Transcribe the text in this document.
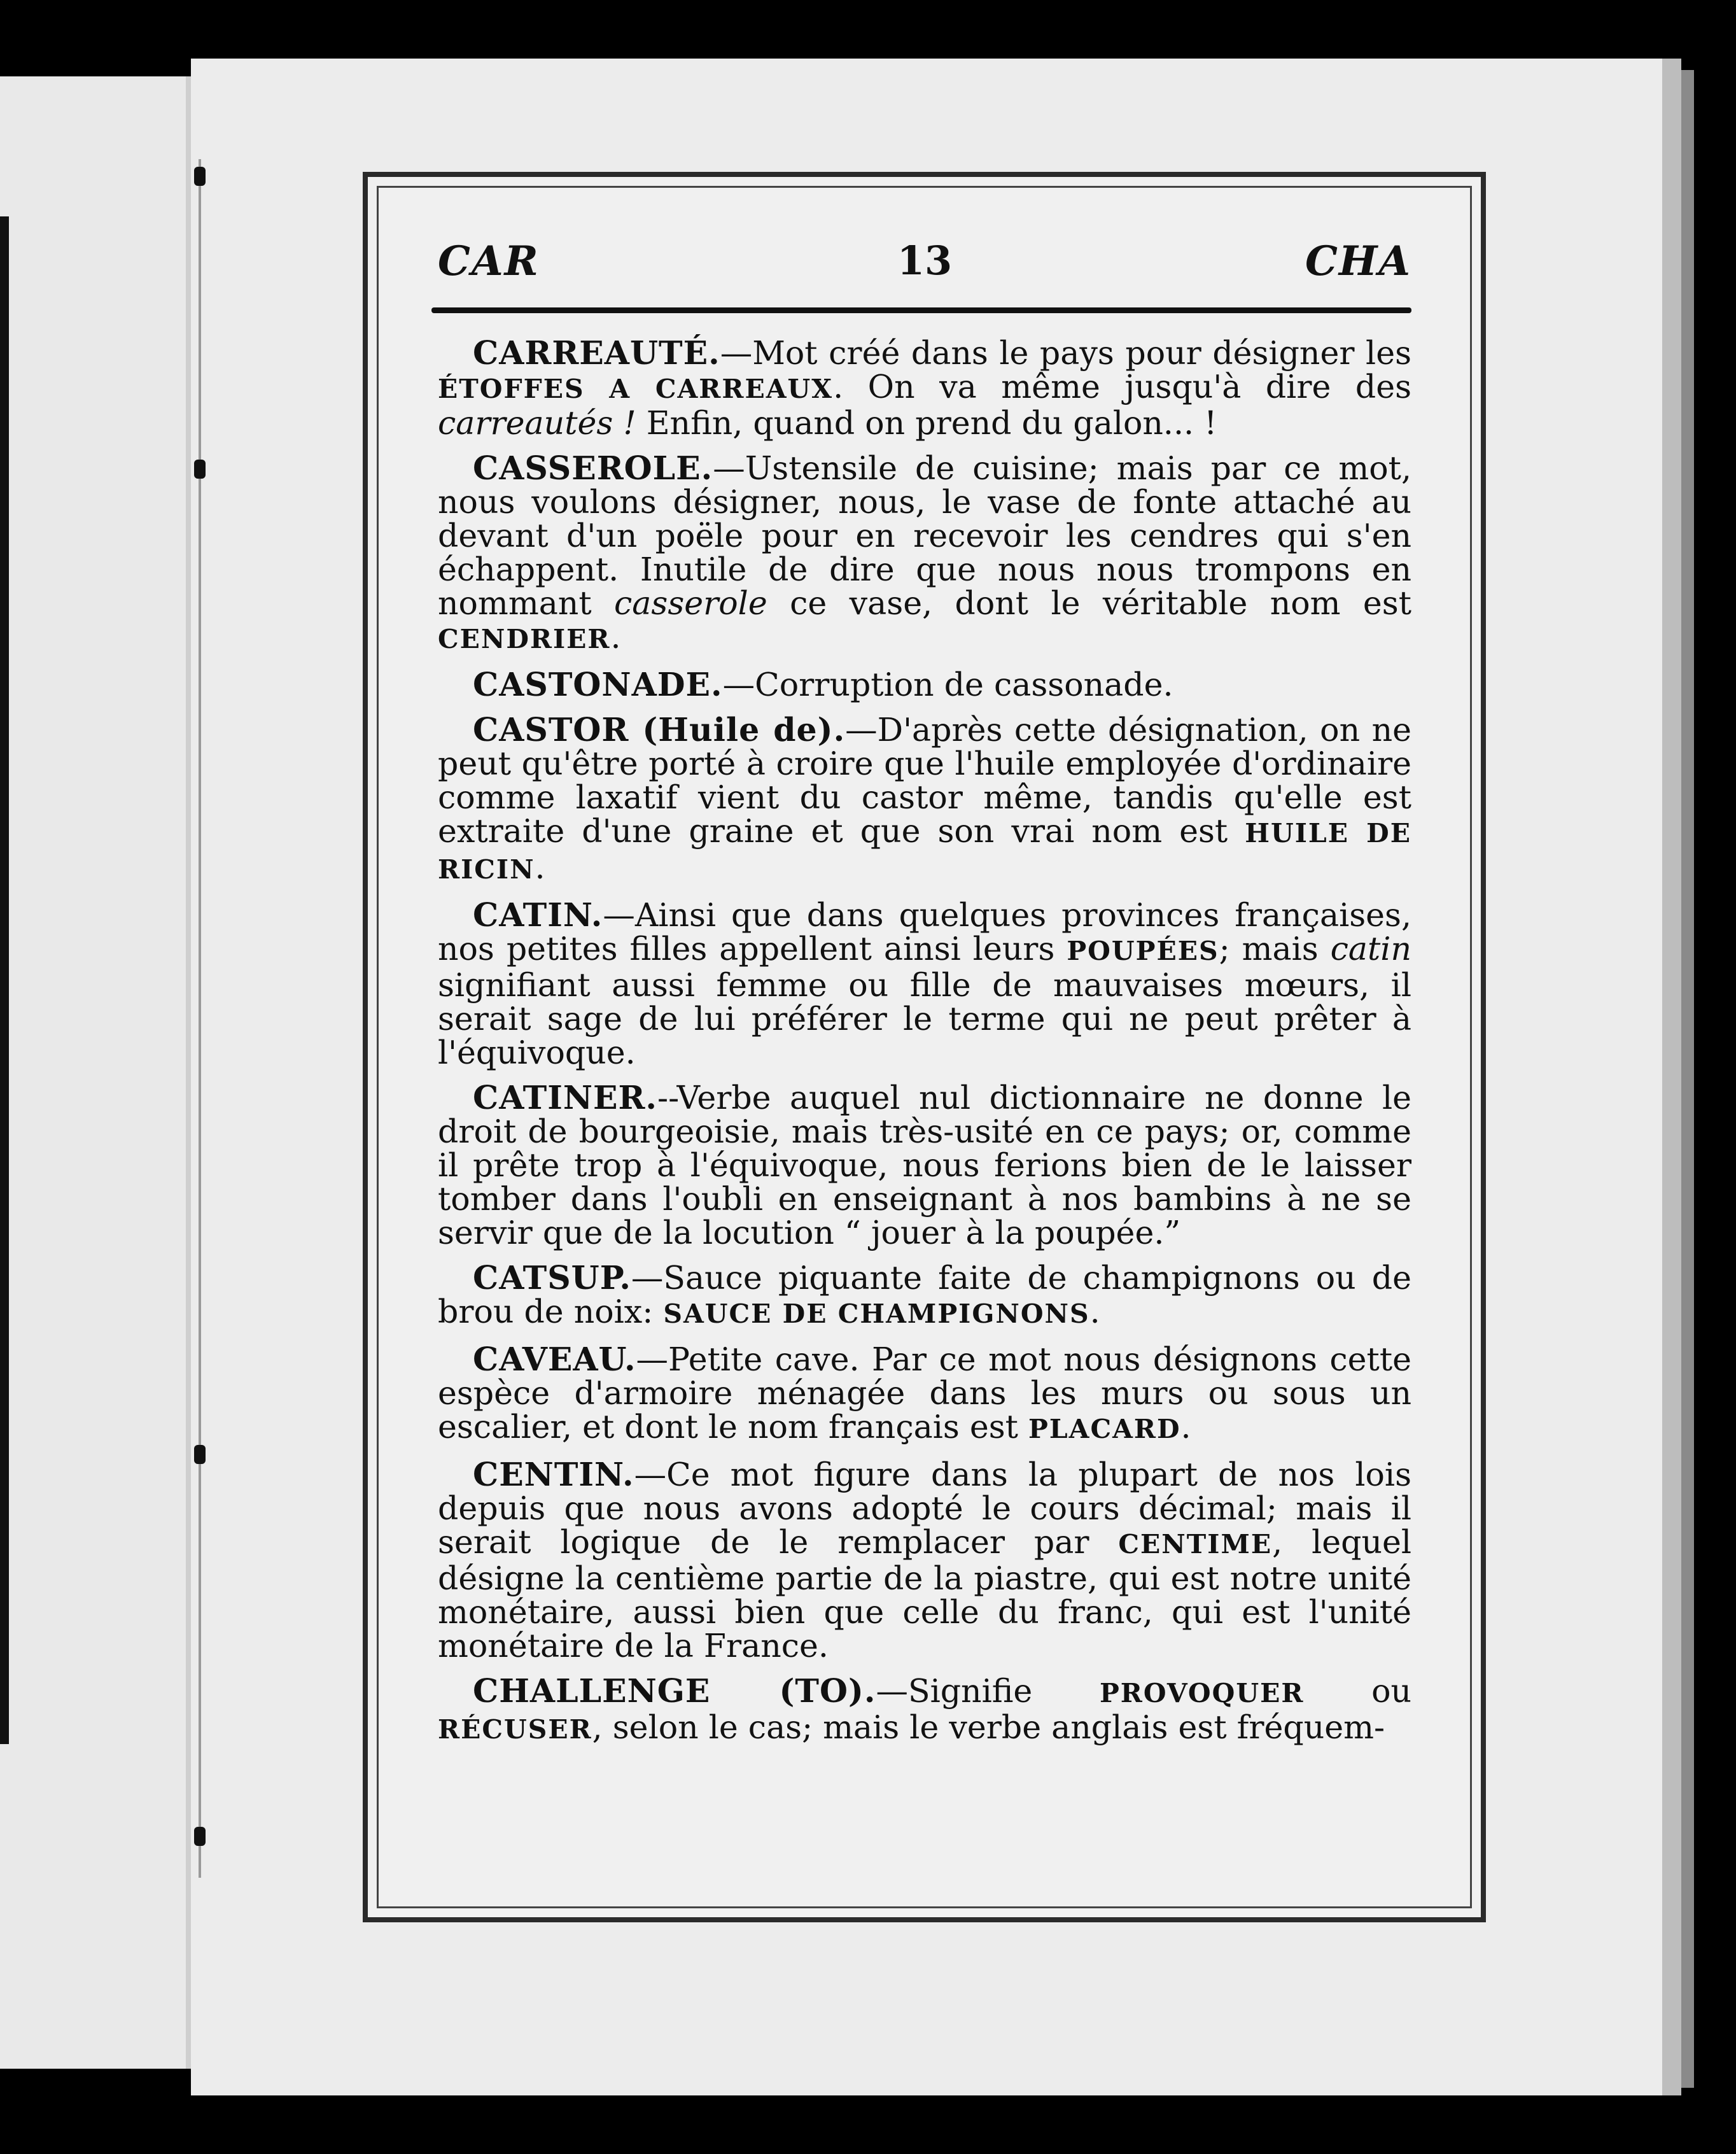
CAR	13	CHA

CARREAUTÉ.—Mot créé dans le pays pour désigner les ÉTOFFES A CARREAUX. On va même jusqu'à dire des carreautés ! Enfin, quand on prend du galon... !

CASSEROLE.—Ustensile de cuisine; mais par ce mot, nous voulons désigner, nous, le vase de fonte attaché au devant d'un poële pour en recevoir les cendres qui s'en échappent. Inutile de dire que nous nous trompons en nommant casserole ce vase, dont le véritable nom est CENDRIER.

CASTONADE.—Corruption de cassonade.

CASTOR (Huile de).—D'après cette désignation, on ne peut qu'être porté à croire que l'huile employée d'ordinaire comme laxatif vient du castor même, tandis qu'elle est extraite d'une graine et que son vrai nom est HUILE DE RICIN.

CATIN.—Ainsi que dans quelques provinces françaises, nos petites filles appellent ainsi leurs POUPÉES; mais catin signifiant aussi femme ou fille de mauvaises mœurs, il serait sage de lui préférer le terme qui ne peut prêter à l'équivoque.

CATINER.--Verbe auquel nul dictionnaire ne donne le droit de bourgeoisie, mais très-usité en ce pays; or, comme il prête trop à l'équivoque, nous ferions bien de le laisser tomber dans l'oubli en enseignant à nos bambins à ne se servir que de la locution “ jouer à la poupée.”

CATSUP.—Sauce piquante faite de champignons ou de brou de noix: SAUCE DE CHAMPIGNONS.

CAVEAU.—Petite cave. Par ce mot nous désignons cette espèce d'armoire ménagée dans les murs ou sous un escalier, et dont le nom français est PLACARD.

CENTIN.—Ce mot figure dans la plupart de nos lois depuis que nous avons adopté le cours décimal; mais il serait logique de le remplacer par CENTIME, lequel désigne la centième partie de la piastre, qui est notre unité monétaire, aussi bien que celle du franc, qui est l'unité monétaire de la France.

CHALLENGE (TO).—Signifie PROVOQUER ou RÉCUSER, selon le cas; mais le verbe anglais est fréquem-
